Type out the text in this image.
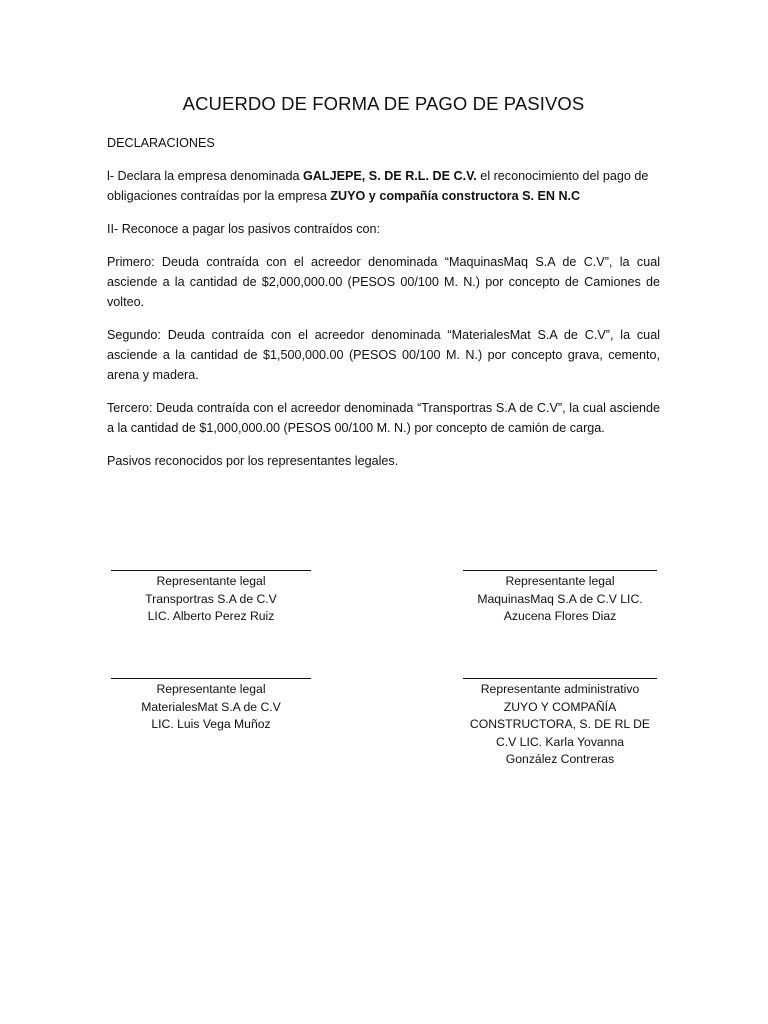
ACUERDO DE FORMA DE PAGO DE PASIVOS
DECLARACIONES
l- Declara la empresa denominada GALJEPE, S. DE R.L. DE C.V. el reconocimiento del pago de obligaciones contraídas por la empresa ZUYO y compañía constructora S. EN N.C
II- Reconoce a pagar los pasivos contraídos con:
Primero: Deuda contraída con el acreedor denominada “MaquinasMaq S.A de C.V”, la cual asciende a la cantidad de $2,000,000.00 (PESOS 00/100 M. N.) por concepto de Camiones de volteo.
Segundo: Deuda contraída con el acreedor denominada “MaterialesMat S.A de C.V”, la cual asciende a la cantidad de $1,500,000.00 (PESOS 00/100 M. N.) por concepto grava, cemento, arena y madera.
Tercero: Deuda contraída con el acreedor denominada “Transportras S.A de C.V”, la cual asciende a la cantidad de $1,000,000.00 (PESOS 00/100 M. N.) por concepto de camión de carga.
Pasivos reconocidos por los representantes legales.
Representante legal
Transportras S.A de C.V
LIC. Alberto Perez Ruiz
Representante legal
MaquinasMaq S.A de C.V LIC.
Azucena Flores Diaz
Representante legal
MaterialesMat S.A de C.V
LIC. Luis Vega Muñoz
Representante administrativo
ZUYO Y COMPAÑÍA
CONSTRUCTORA, S. DE RL DE
C.V LIC. Karla Yovanna
González Contreras
